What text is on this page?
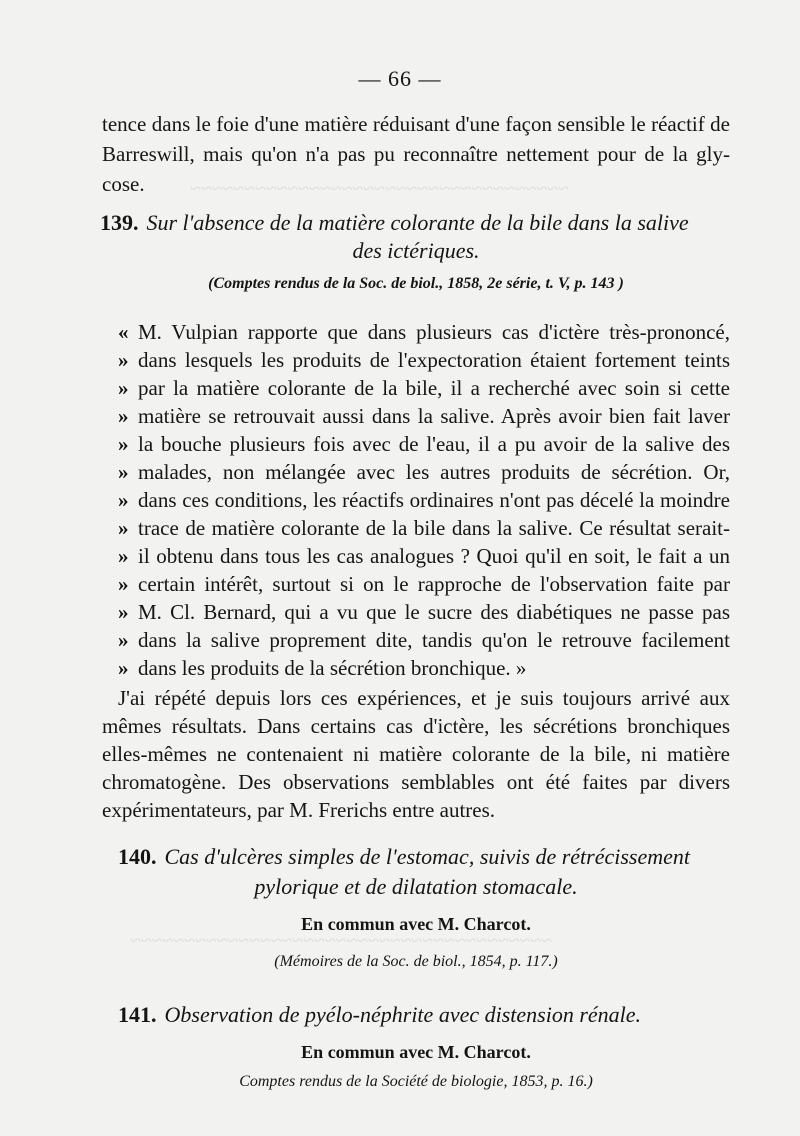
~~~~~~~~~~~~~~~~~~~~~~~~~~~~~~~~~~~
~~~~~~~~~~~~~~~~~~~~~~~~~~~~~~~~~~~~~~~
— 66 —
tence dans le foie d'une matière réduisant d'une façon sensible le réactif de
Barreswill, mais qu'on n'a pas pu reconnaître nettement pour de la gly-
cose.
139. Sur l'absence de la matière colorante de la bile dans la salive
des ictériques.
(Comptes rendus de la Soc. de biol., 1858, 2e série, t. V, p. 143 )
« M. Vulpian rapporte que dans plusieurs cas d'ictère très-prononcé,
» dans lesquels les produits de l'expectoration étaient fortement teints
» par la matière colorante de la bile, il a recherché avec soin si cette
» matière se retrouvait aussi dans la salive. Après avoir bien fait laver
» la bouche plusieurs fois avec de l'eau, il a pu avoir de la salive des
» malades, non mélangée avec les autres produits de sécrétion. Or,
» dans ces conditions, les réactifs ordinaires n'ont pas décelé la moindre
» trace de matière colorante de la bile dans la salive. Ce résultat serait-
» il obtenu dans tous les cas analogues ? Quoi qu'il en soit, le fait a un
» certain intérêt, surtout si on le rapproche de l'observation faite par
» M. Cl. Bernard, qui a vu que le sucre des diabétiques ne passe pas
» dans la salive proprement dite, tandis qu'on le retrouve facilement
» dans les produits de la sécrétion bronchique. »
J'ai répété depuis lors ces expériences, et je suis toujours arrivé aux
mêmes résultats. Dans certains cas d'ictère, les sécrétions bronchiques
elles-mêmes ne contenaient ni matière colorante de la bile, ni matière
chromatogène. Des observations semblables ont été faites par divers
expérimentateurs, par M. Frerichs entre autres.
140. Cas d'ulcères simples de l'estomac, suivis de rétrécissement
pylorique et de dilatation stomacale.
En commun avec M. Charcot.
(Mémoires de la Soc. de biol., 1854, p. 117.)
141. Observation de pyélo-néphrite avec distension rénale.
En commun avec M. Charcot.
Comptes rendus de la Société de biologie, 1853, p. 16.)
